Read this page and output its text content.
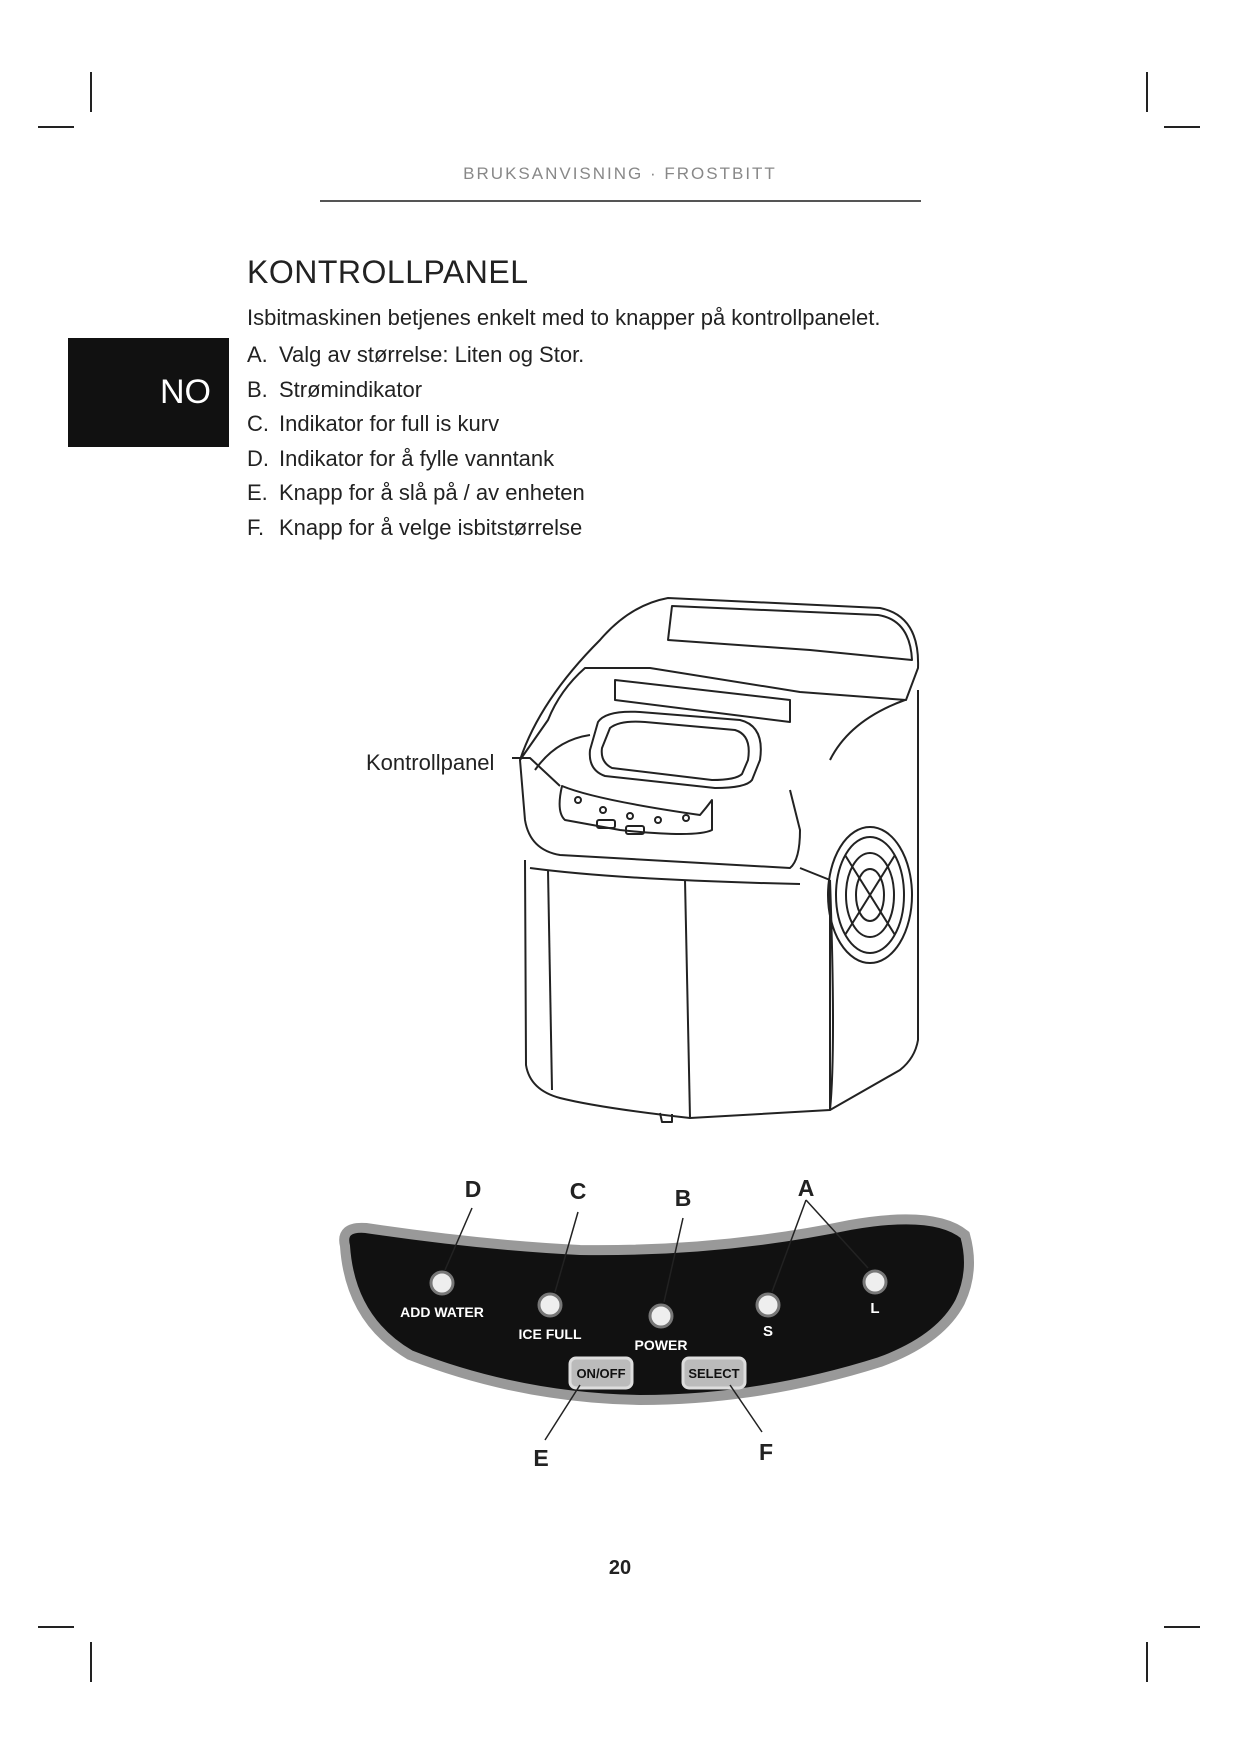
BRUKSANVISNING · FROSTBITT
NO
KONTROLLPANEL
Isbitmaskinen betjenes enkelt med to knapper på kontrollpanelet.
A. Valg av størrelse: Liten og Stor.
B. Strømindikator
C. Indikator for full is kurv
D. Indikator for å fylle vanntank
E. Knapp for å slå på / av enheten
F. Knapp for å velge isbitstørrelse
Kontrollpanel
ADD WATER
ICE FULL
POWER
S
L
ON/OFF	SELECT
D	C	B	A
E	F
20
